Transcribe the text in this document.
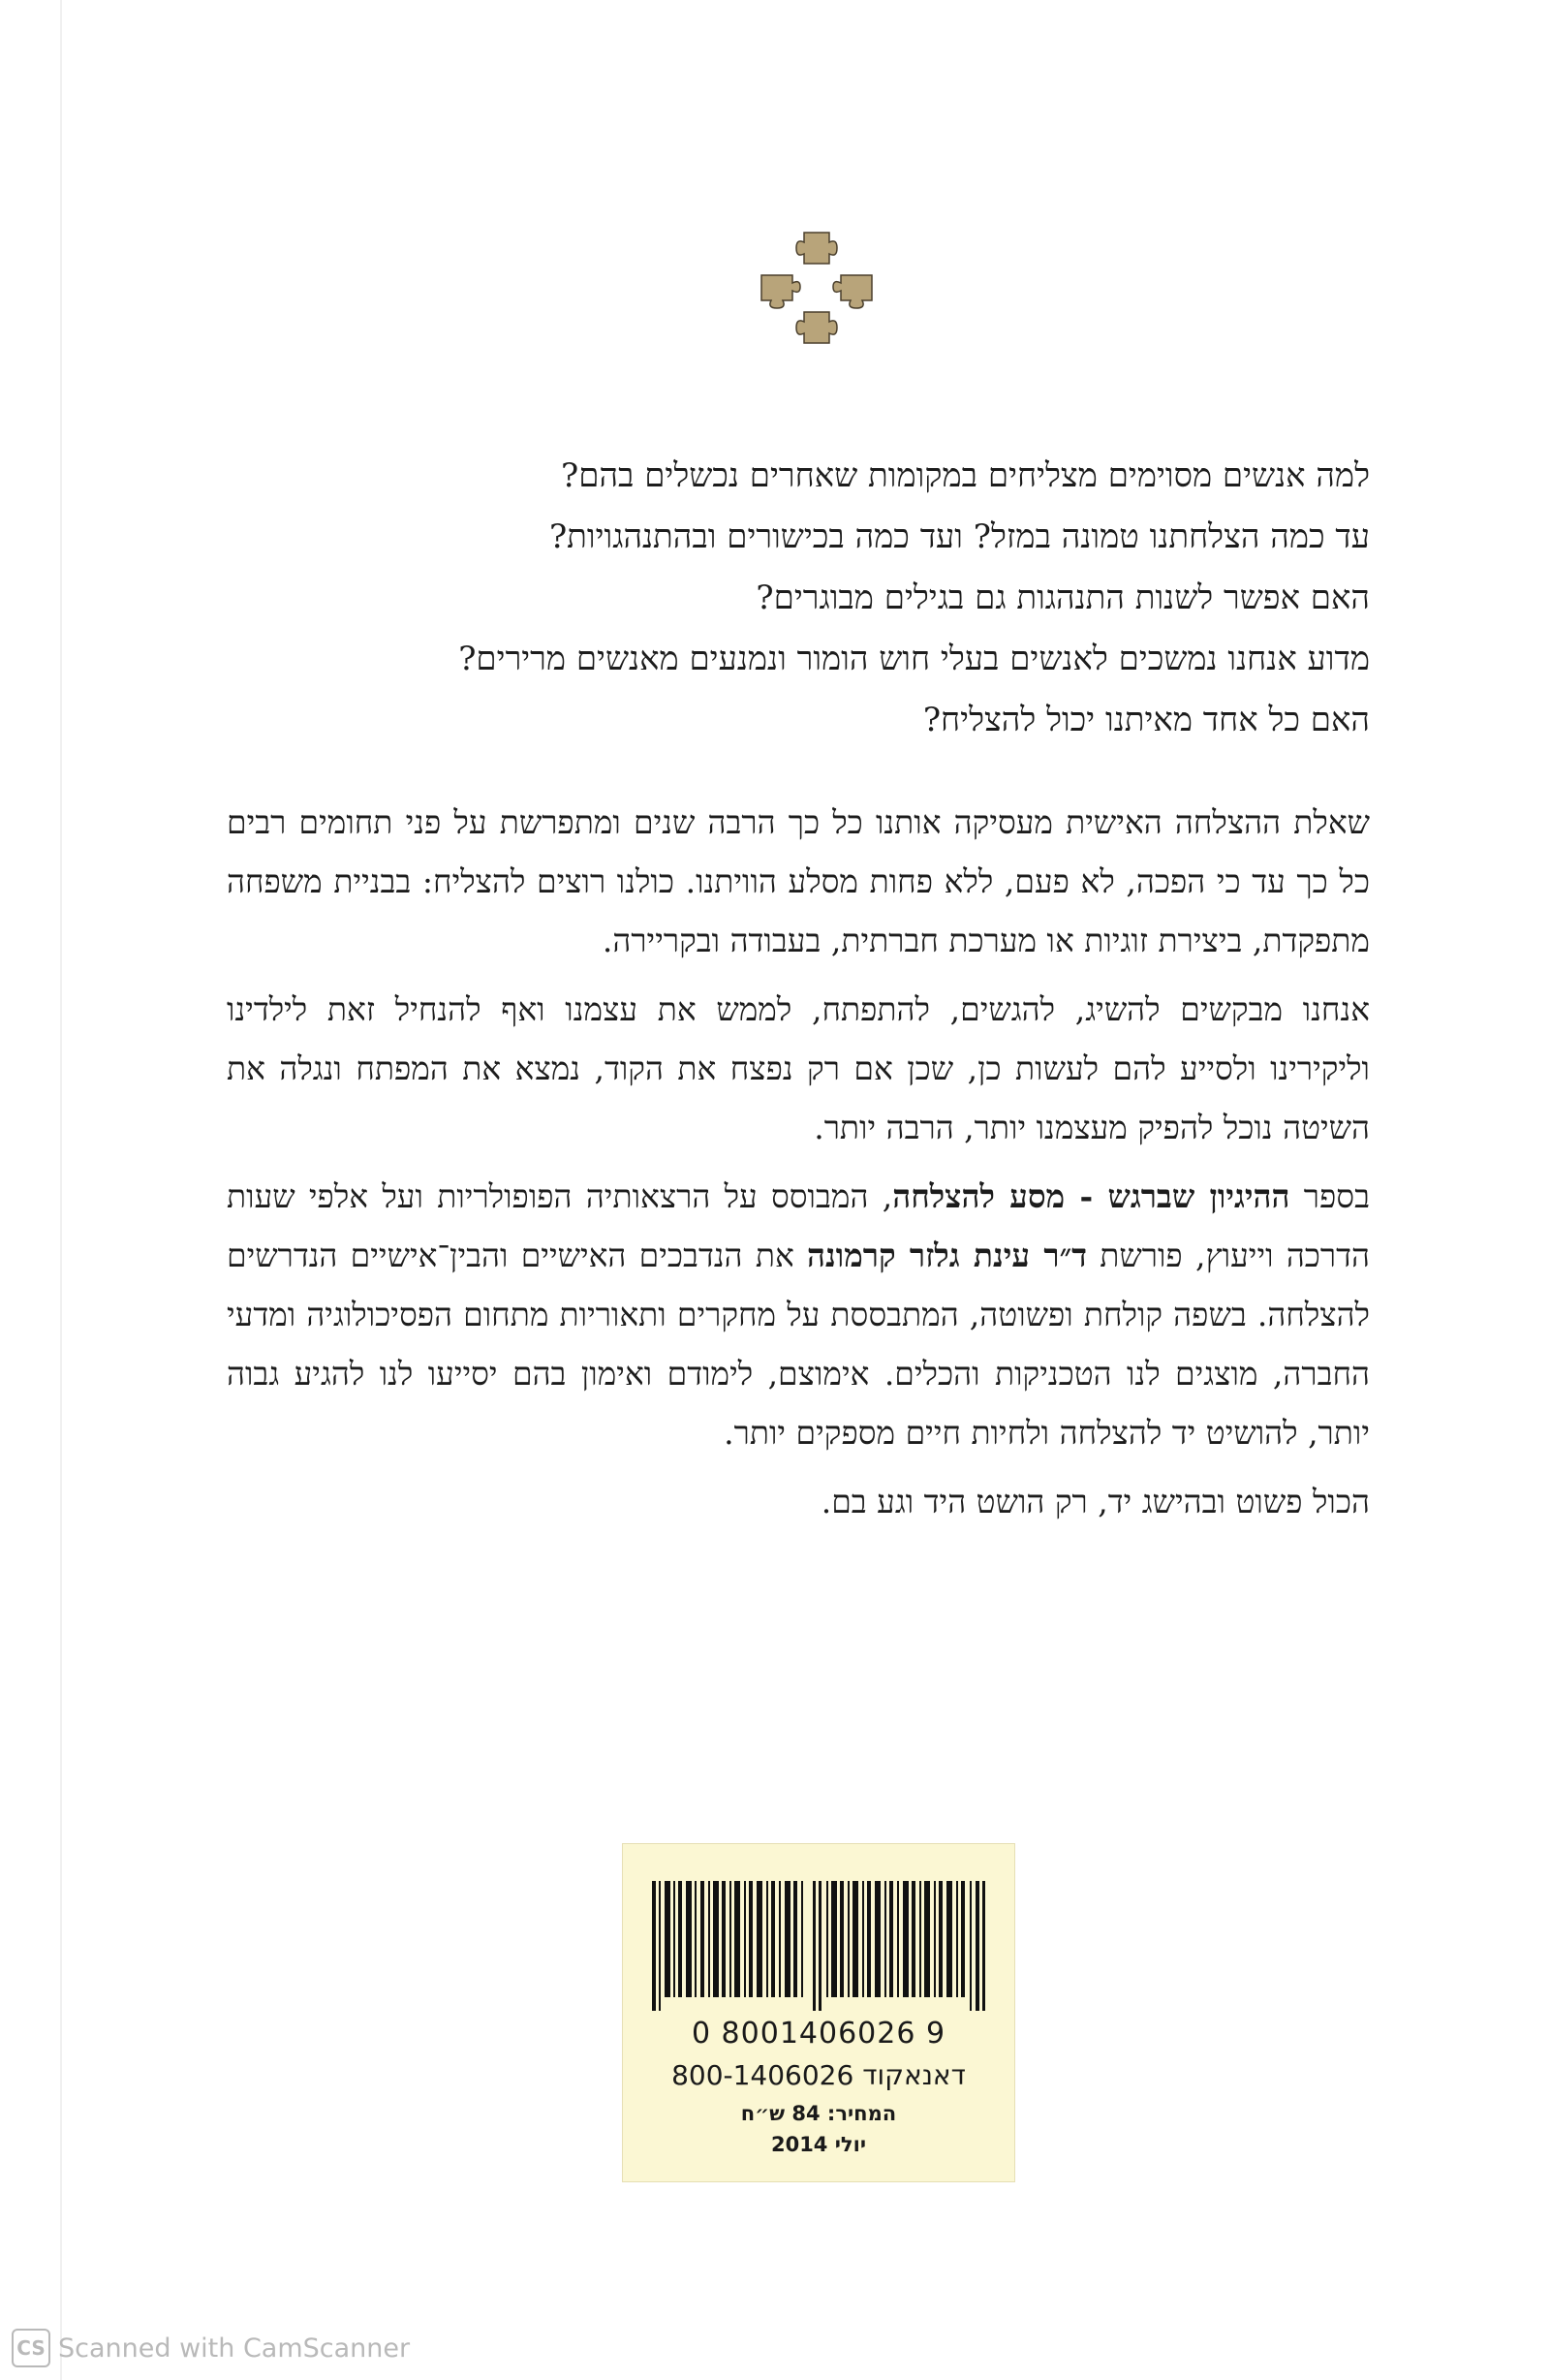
למה אנשים מסוימים מצליחים במקומות שאחרים נכשלים בהם?
עד כמה הצלחתנו טמונה במזל? ועד כמה בכישורים ובהתנהגויות?
האם אפשר לשנות התנהגות גם בגילים מבוגרים?
מדוע אנחנו נמשכים לאנשים בעלי חוש הומור ונמנעים מאנשים מרירים?
האם כל אחד מאיתנו יכול להצליח?

שאלת ההצלחה האישית מעסיקה אותנו כל כך הרבה שנים ומתפרשת על פני תחומים רבים כל כך עד כי הפכה, לא פעם, ללא פחות מסלע הוויתנו. כולנו רוצים להצליח: בבניית משפחה מתפקדת, ביצירת זוגיות או מערכת חברתית, בעבודה ובקריירה.

אנחנו מבקשים להשיג, להגשים, להתפתח, לממש את עצמנו ואף להנחיל זאת לילדינו וליקירינו ולסייע להם לעשות כן, שכן אם רק נפצח את הקוד, נמצא את המפתח ונגלה את השיטה נוכל להפיק מעצמנו יותר, הרבה יותר.

בספר ההיגיון שברגש - מסע להצלחה, המבוסס על הרצאותיה הפופולריות ועל אלפי שעות הדרכה וייעוץ, פורשת ד״ר עינת גלזר קרמונה את הנדבכים האישיים והבין־אישיים הנדרשים להצלחה. בשפה קולחת ופשוטה, המתבססת על מחקרים ותאוריות מתחום הפסיכולוגיה ומדעי החברה, מוצגים לנו הטכניקות והכלים. אימוצם, לימודם ואימון בהם יסייעו לנו להגיע גבוה יותר, להושיט יד להצלחה ולחיות חיים מספקים יותר.

הכול פשוט ובהישג יד, רק הושט היד וגע בם.

0 8001406026 9
דאנאקוד 800-1406026
המחיר: 84 ש״ח
יולי 2014
CS Scanned with CamScanner
